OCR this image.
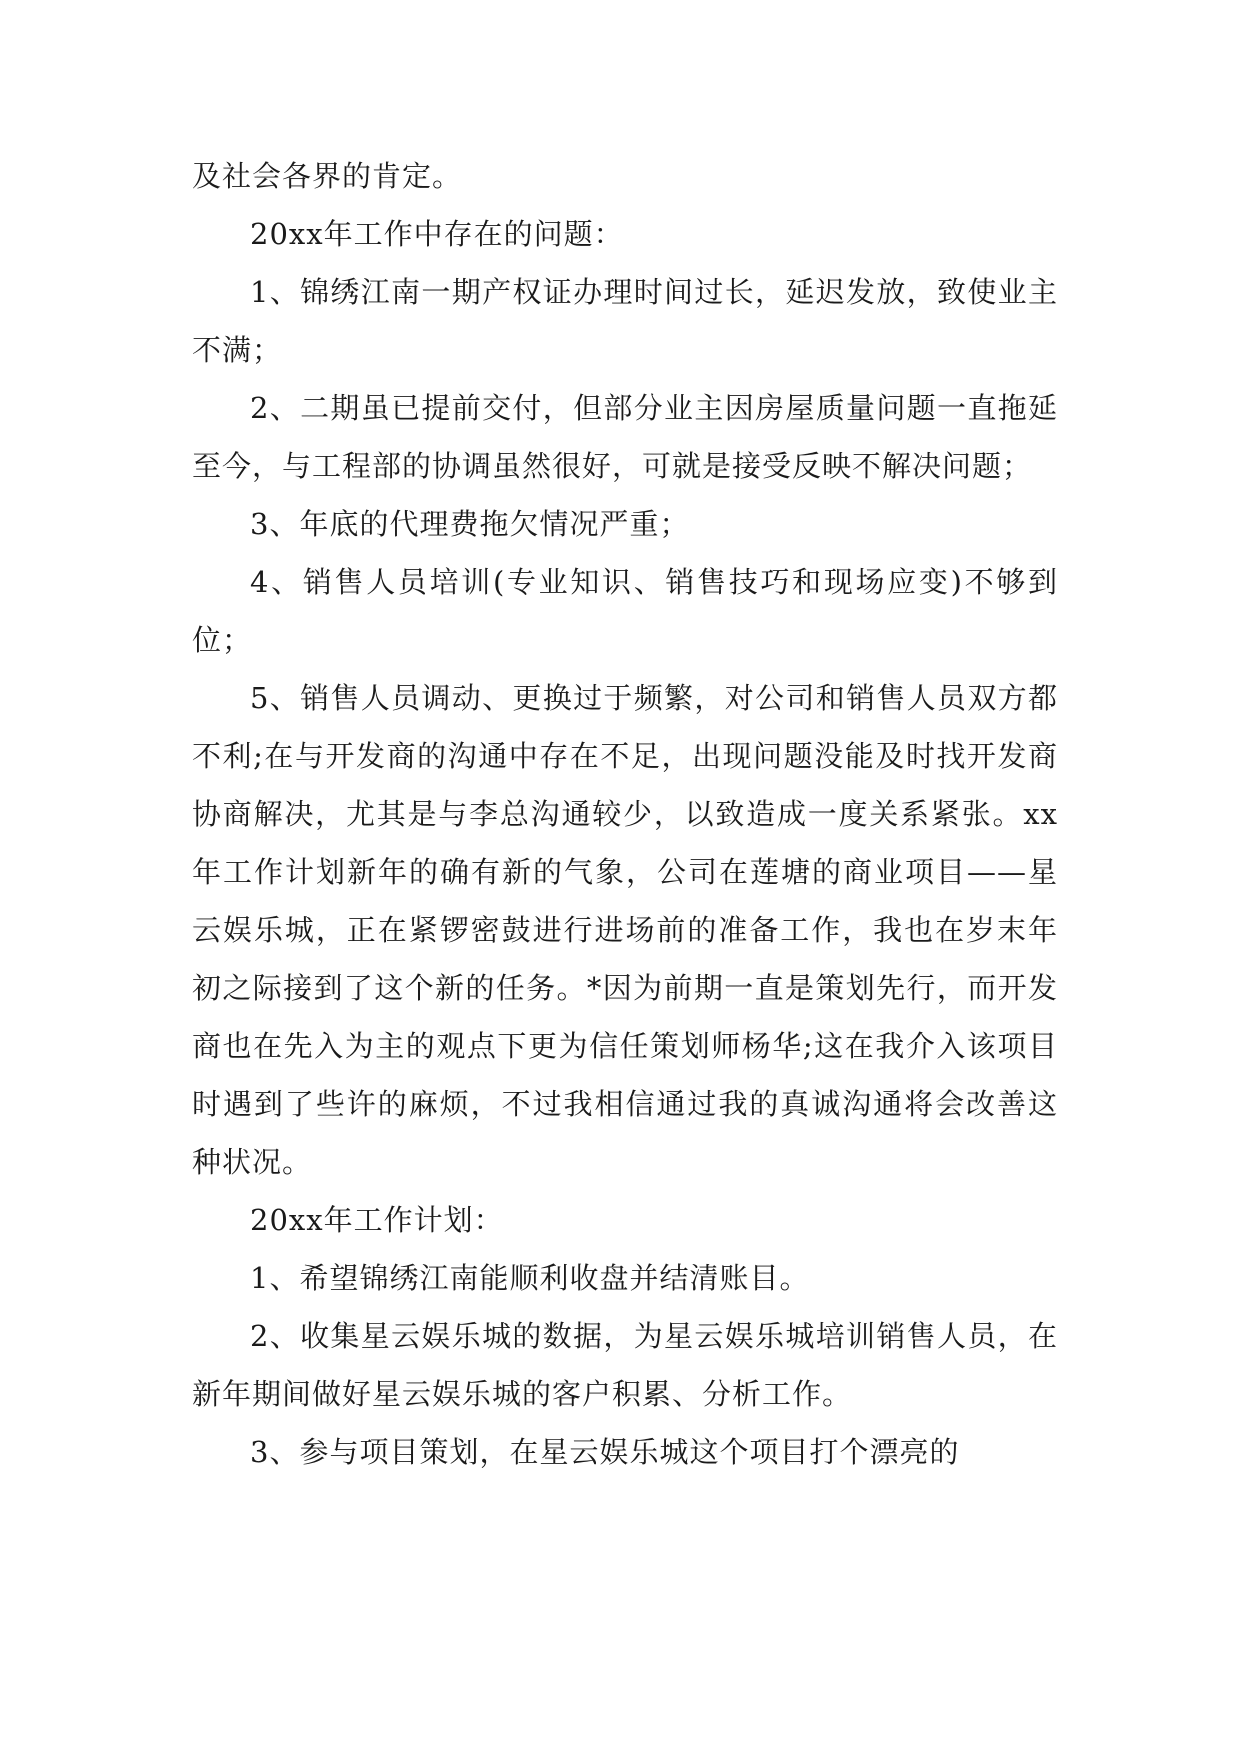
及社会各界的肯定。

20xx年工作中存在的问题：

1、锦绣江南一期产权证办理时间过长，延迟发放，致使业主不满；

2、二期虽已提前交付，但部分业主因房屋质量问题一直拖延至今，与工程部的协调虽然很好，可就是接受反映不解决问题；

3、年底的代理费拖欠情况严重；

4、销售人员培训(专业知识、销售技巧和现场应变)不够到位；

5、销售人员调动、更换过于频繁，对公司和销售人员双方都不利;在与开发商的沟通中存在不足，出现问题没能及时找开发商协商解决，尤其是与李总沟通较少，以致造成一度关系紧张。xx年工作计划新年的确有新的气象，公司在莲塘的商业项目——星云娱乐城，正在紧锣密鼓进行进场前的准备工作，我也在岁末年初之际接到了这个新的任务。*因为前期一直是策划先行，而开发商也在先入为主的观点下更为信任策划师杨华;这在我介入该项目时遇到了些许的麻烦，不过我相信通过我的真诚沟通将会改善这种状况。

20xx年工作计划：

1、希望锦绣江南能顺利收盘并结清账目。

2、收集星云娱乐城的数据，为星云娱乐城培训销售人员，在新年期间做好星云娱乐城的客户积累、分析工作。

3、参与项目策划，在星云娱乐城这个项目打个漂亮的
